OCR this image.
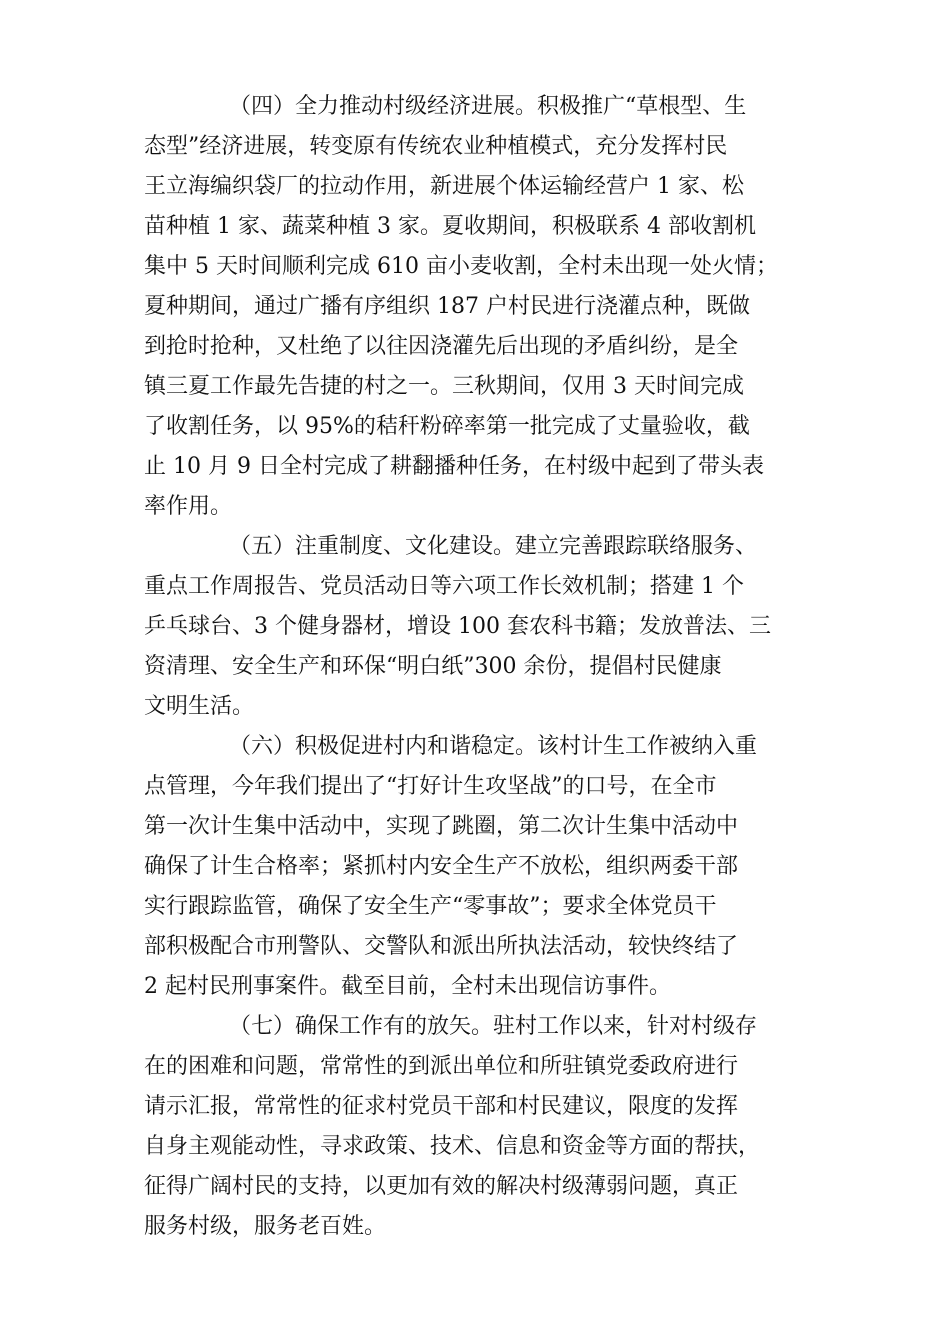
（四）全力推动村级经济进展。积极推广“草根型、生
态型”经济进展，转变原有传统农业种植模式，充分发挥村民
王立海编织袋厂的拉动作用，新进展个体运输经营户 1 家、松
苗种植 1 家、蔬菜种植 3 家。夏收期间，积极联系 4 部收割机
集中 5 天时间顺利完成 610 亩小麦收割，全村未出现一处火情；
夏种期间，通过广播有序组织 187 户村民进行浇灌点种，既做
到抢时抢种，又杜绝了以往因浇灌先后出现的矛盾纠纷，是全
镇三夏工作最先告捷的村之一。三秋期间，仅用 3 天时间完成
了收割任务，以 95%的秸秆粉碎率第一批完成了丈量验收，截
止 10 月 9 日全村完成了耕翻播种任务，在村级中起到了带头表
率作用。
（五）注重制度、文化建设。建立完善跟踪联络服务、
重点工作周报告、党员活动日等六项工作长效机制；搭建 1 个
乒乓球台、3 个健身器材，增设 100 套农科书籍；发放普法、三
资清理、安全生产和环保“明白纸”300 余份，提倡村民健康
文明生活。
（六）积极促进村内和谐稳定。该村计生工作被纳入重
点管理，今年我们提出了“打好计生攻坚战”的口号，在全市
第一次计生集中活动中，实现了跳圈，第二次计生集中活动中
确保了计生合格率；紧抓村内安全生产不放松，组织两委干部
实行跟踪监管，确保了安全生产“零事故”；要求全体党员干
部积极配合市刑警队、交警队和派出所执法活动，较快终结了
2 起村民刑事案件。截至目前，全村未出现信访事件。
（七）确保工作有的放矢。驻村工作以来，针对村级存
在的困难和问题，常常性的到派出单位和所驻镇党委政府进行
请示汇报，常常性的征求村党员干部和村民建议，限度的发挥
自身主观能动性，寻求政策、技术、信息和资金等方面的帮扶，
征得广阔村民的支持，以更加有效的解决村级薄弱问题，真正
服务村级，服务老百姓。
